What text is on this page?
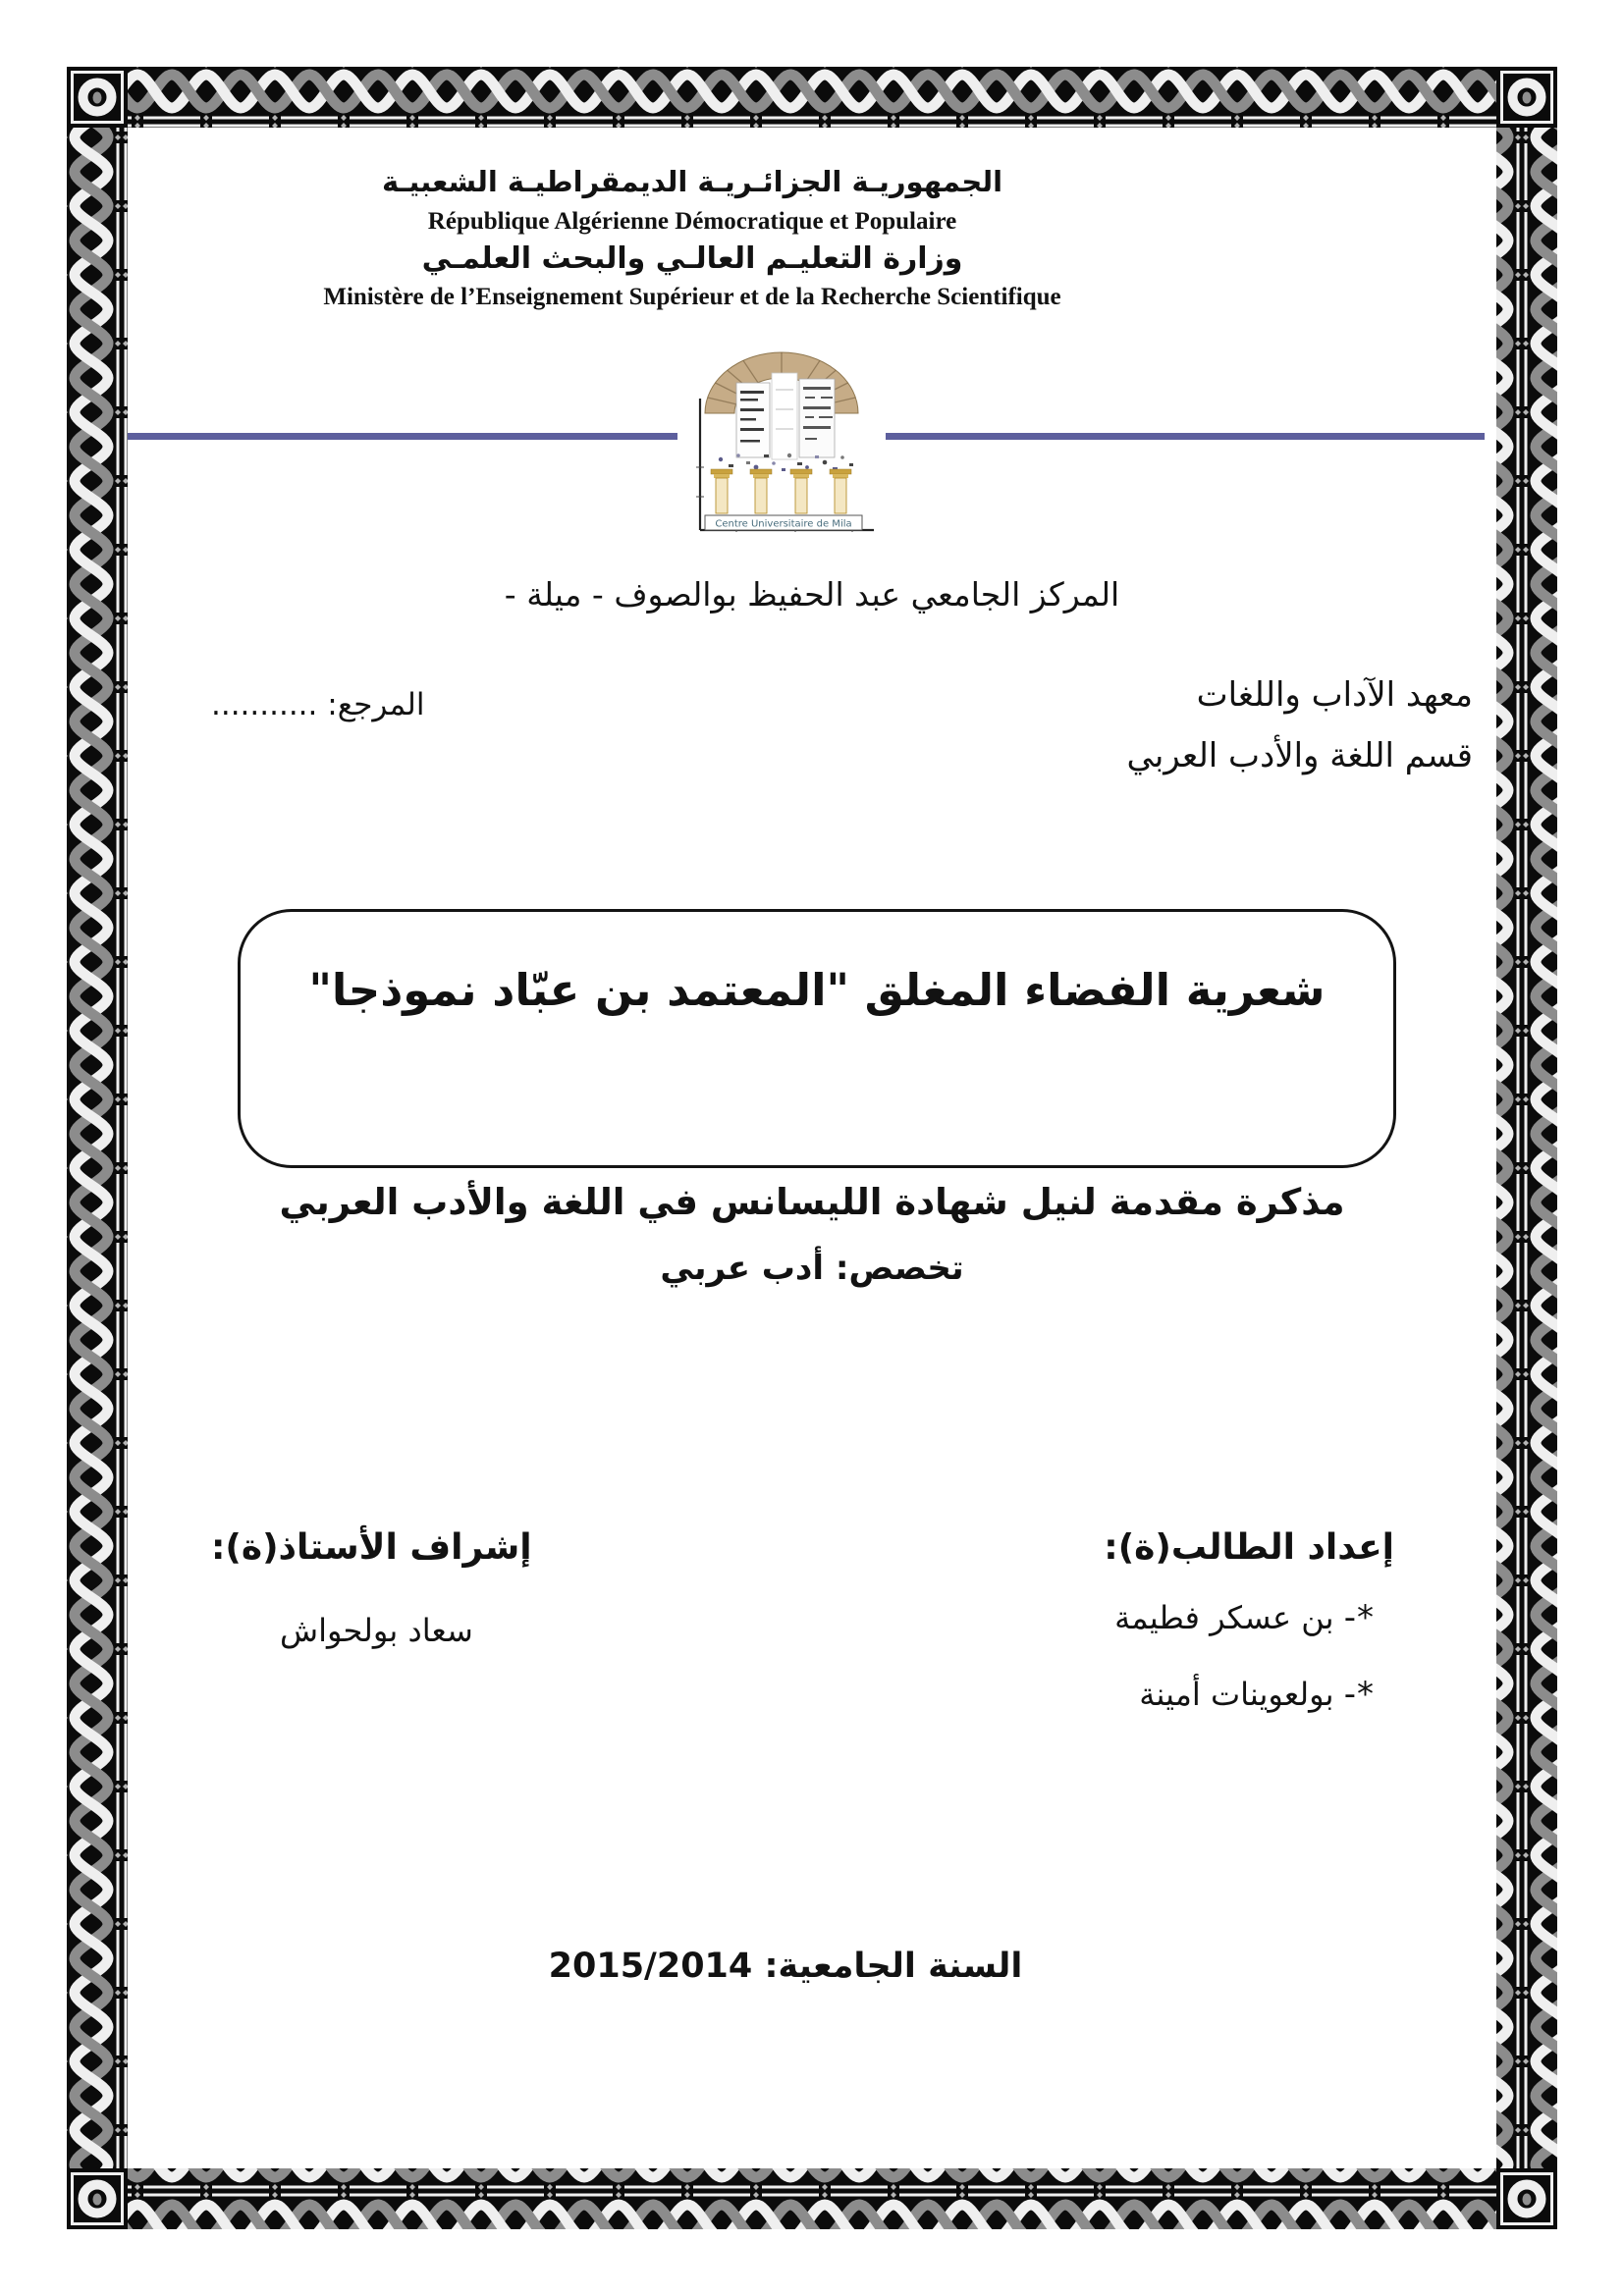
الجمهوريـة الجزائـريـة الديمقراطيـة الشعبيـة
République Algérienne Démocratique et Populaire
وزارة التعليـم العالـي والبحث العلمـي
Ministère de l’Enseignement Supérieur et de la Recherche Scientifique
Centre Universitaire de Mila
المركز الجامعي عبد الحفيظ بوالصوف - ميلة -
معهد الآداب واللغات
المرجع: ...........
قسم اللغة والأدب العربي
شعرية الفضاء المغلق "المعتمد بن عبّاد نموذجا"
مذكرة مقدمة لنيل شهادة الليسانس في اللغة والأدب العربي
تخصص: أدب عربي
إعداد الطالب(ة):
إشراف الأستاذ(ة):
*- بن عسكر فطيمة
*- بولعوينات أمينة
سعاد بولحواش
السنة الجامعية: 2015/2014
